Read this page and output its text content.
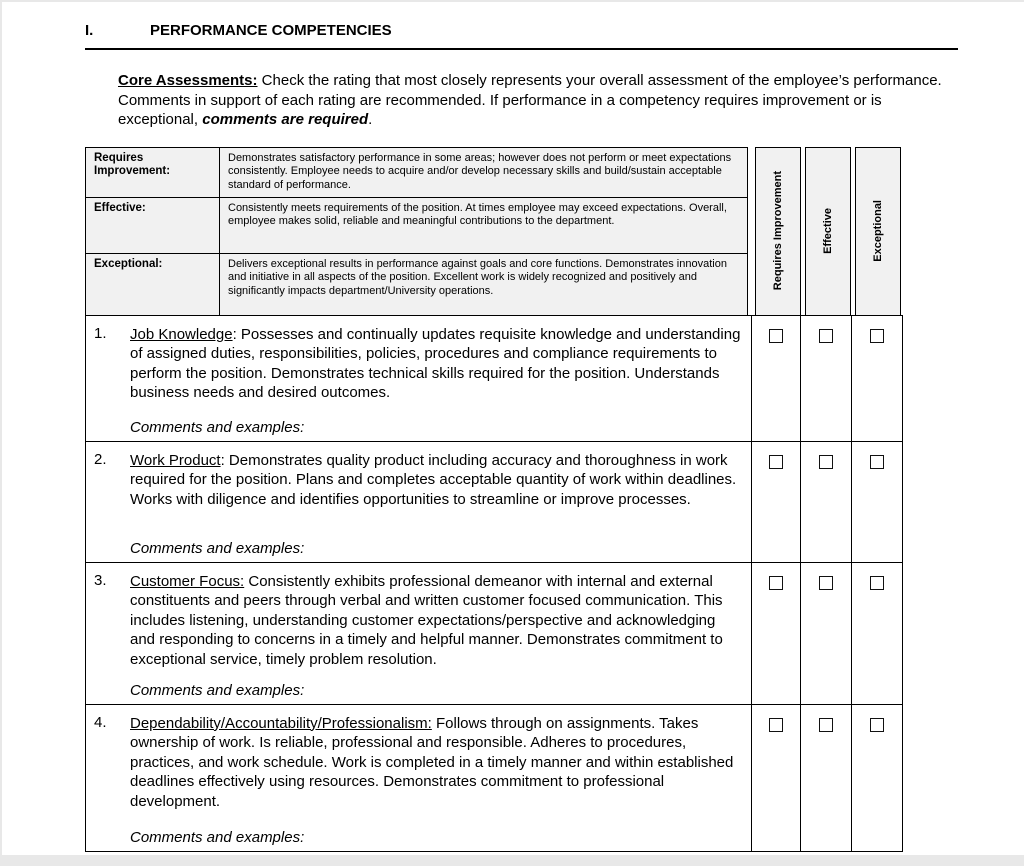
I.	PERFORMANCE COMPETENCIES
Core Assessments: Check the rating that most closely represents your overall assessment of the employee’s performance. Comments in support of each rating are recommended. If performance in a competency requires improvement or is exceptional, comments are required.
Requires Improvement:	Demonstrates satisfactory performance in some areas; however does not perform or meet expectations consistently. Employee needs to acquire and/or develop necessary skills and build/sustain acceptable standard of performance.
Effective:	Consistently meets requirements of the position. At times employee may exceed expectations. Overall, employee makes solid, reliable and meaningful contributions to the department.
Exceptional:	Delivers exceptional results in performance against goals and core functions. Demonstrates innovation and initiative in all aspects of the position. Excellent work is widely recognized and positively and significantly impacts department/University operations.
Requires Improvement	Effective	Exceptional
1. Job Knowledge: Possesses and continually updates requisite knowledge and understanding of assigned duties, responsibilities, policies, procedures and compliance requirements to perform the position. Demonstrates technical skills required for the position. Understands business needs and desired outcomes.
Comments and examples:			

2. Work Product: Demonstrates quality product including accuracy and thoroughness in work required for the position. Plans and completes acceptable quantity of work within deadlines. Works with diligence and identifies opportunities to streamline or improve processes.
Comments and examples:			

3. Customer Focus: Consistently exhibits professional demeanor with internal and external constituents and peers through verbal and written customer focused communication. This includes listening, understanding customer expectations/perspective and acknowledging and responding to concerns in a timely and helpful manner. Demonstrates commitment to exceptional service, timely problem resolution.
Comments and examples:			

4. Dependability/Accountability/Professionalism: Follows through on assignments. Takes ownership of work. Is reliable, professional and responsible. Adheres to procedures, practices, and work schedule. Work is completed in a timely manner and within established deadlines effectively using resources. Demonstrates commitment to professional development.
Comments and examples:			
